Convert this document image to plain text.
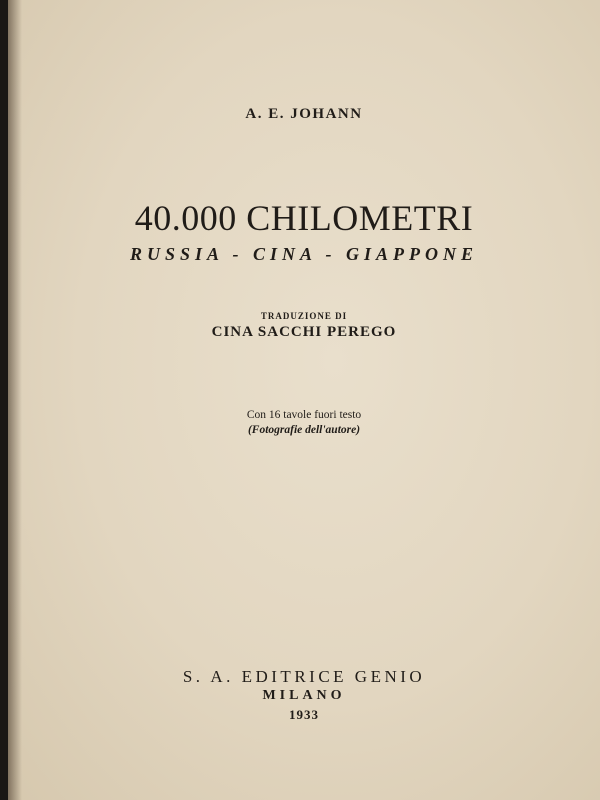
A. E. JOHANN

40.000 CHILOMETRI

RUSSIA - CINA - GIAPPONE

TRADUZIONE DI

CINA SACCHI PEREGO

Con 16 tavole fuori testo

(Fotografie dell'autore)

S. A. EDITRICE GENIO

MILANO

1933
